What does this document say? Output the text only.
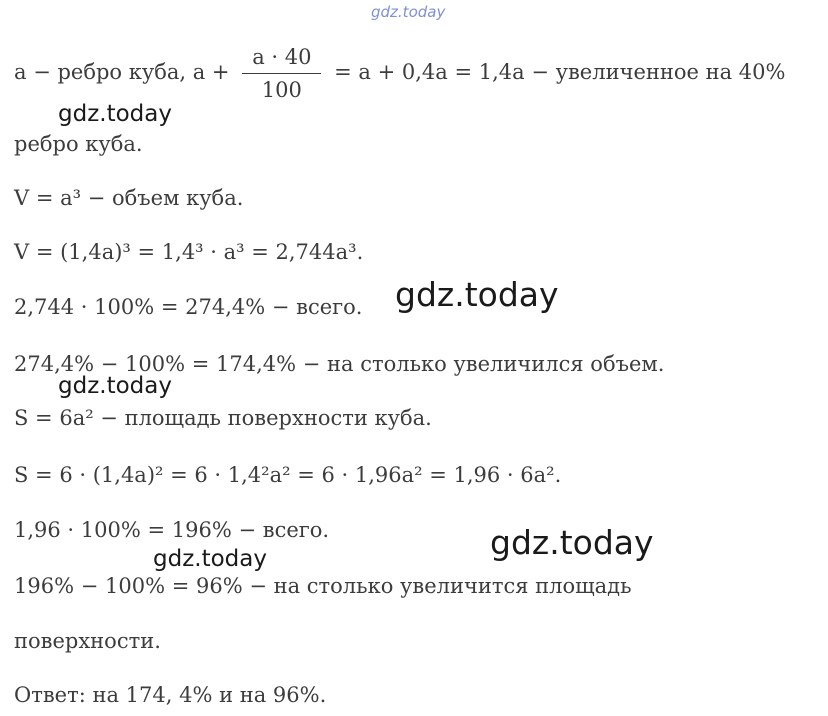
gdz.today
a − ребро куба, $a + \frac{a \cdot 40}{100} = a + 0,4a = 1,4a$ − увеличенное на 40%
gdz.today
ребро куба.
V = a³ − объем куба.
V = (1,4a)³ = 1,4³ · a³ = 2,744a³.
2,744 · 100% = 274,4% − всего. gdz.today
274,4% − 100% = 174,4% − на столько увеличился объем.
gdz.today
S = 6a² − площадь поверхности куба.
S = 6 · (1,4a)² = 6 · 1,4²a² = 6 · 1,96a² = 1,96 · 6a².
1,96 · 100% = 196% − всего.	gdz.today
gdz.today
196% − 100% = 96% − на столько увеличится площадь
поверхности.
Ответ: на 174, 4% и на 96%.
